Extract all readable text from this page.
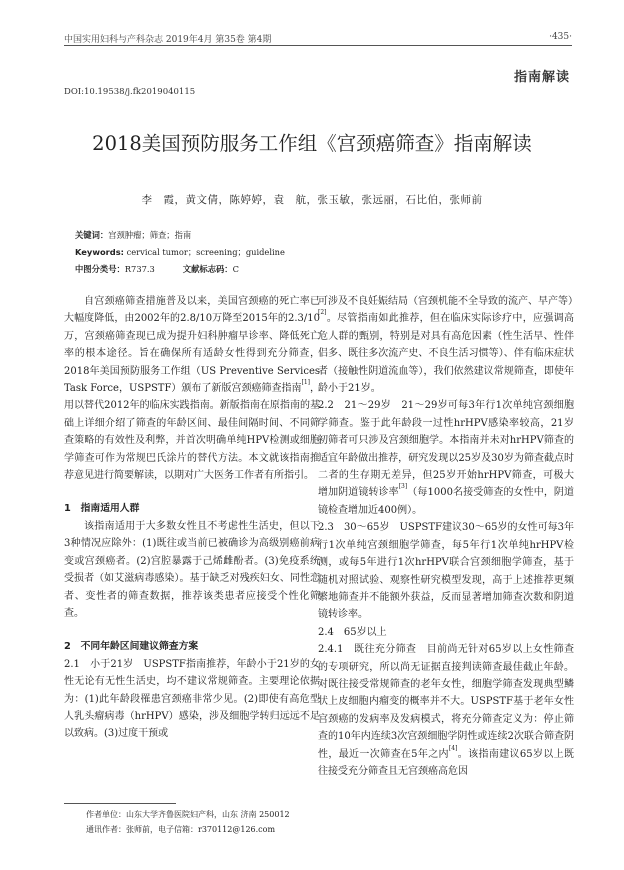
中国实用妇科与产科杂志 2019年4月 第35卷 第4期	·435·
指南解读
DOI:10.19538/j.fk2019040115
2018美国预防服务工作组《宫颈癌筛查》指南解读
李　霞，黄文倩，陈婷婷，袁　航，张玉敏，张远丽，石比伯，张师前
关键词：宫颈肿瘤；筛查；指南
Keywords: cervical tumor；screening；guideline
中图分类号：R737.3	文献标志码：C

自宫颈癌筛查措施普及以来，美国宫颈癌的死亡率已大幅度降低，由2002年的2.8/10万降至2015年的2.3/10万，宫颈癌筛查现已成为提升妇科肿瘤早诊率、降低死亡率的根本途径。旨在确保所有适龄女性得到充分筛查，2018年美国预防服务工作组（US Preventive Services Task Force，USPSTF）颁布了新版宫颈癌筛查指南[1]，用以替代2012年的临床实践指南。新版指南在原指南的基础上详细介绍了筛查的年龄区间、最佳间隔时间、不同筛查策略的有效性及利弊，并首次明确单纯HPV检测或细胞学筛查可作为常规巴氏涂片的替代方法。本文就该指南推荐意见进行简要解读，以期对广大医务工作者有所指引。

1　指南适用人群

该指南适用于大多数女性且不考虑性生活史，但以下3种情况应除外：(1)既往或当前已被确诊为高级别癌前病变或宫颈癌者。(2)宫腔暴露于己烯雌酚者。(3)免疫系统受损者（如艾滋病毒感染）。基于缺乏对残疾妇女、同性恋者、变性者的筛查数据，推荐该类患者应接受个性化筛查。

2　不同年龄区间建议筛查方案

2.1　小于21岁　USPSTF指南推荐，年龄小于21岁的女性无论有无性生活史，均不建议常规筛查。主要理论依据为：(1)此年龄段罹患宫颈癌非常少见。(2)即使有高危型人乳头瘤病毒（hrHPV）感染，涉及细胞学转归远远不足以致病。(3)过度干预或

可涉及不良妊娠结局（宫颈机能不全导致的流产、早产等）[2]。尽管指南如此推荐，但在临床实际诊疗中，应强调高危人群的甄别，特别是对具有高危因素（性生活早、性伴侣多、既往多次流产史、不良生活习惯等）、伴有临床症状者（接触性阴道流血等），我们依然建议常规筛查，即使年龄小于21岁。

2.2　21～29岁　21～29岁可每3年行1次单纯宫颈细胞学筛查。鉴于此年龄段一过性hrHPV感染率较高，21岁初筛者可只涉及宫颈细胞学。本指南并未对hrHPV筛查的适宜年龄做出推荐，研究发现以25岁及30岁为筛查截点时二者的生存期无差异，但25岁开始hrHPV筛查，可极大增加阴道镜转诊率[3]（每1000名接受筛查的女性中，阴道镜检查增加近400例）。

2.3　30～65岁　USPSTF建议30～65岁的女性可每3年行1次单纯宫颈细胞学筛查，每5年行1次单纯hrHPV检测，或每5年进行1次hrHPV联合宫颈细胞学筛查，基于随机对照试验、观察性研究模型发现，高于上述推荐更频繁地筛查并不能额外获益，反而显著增加筛查次数和阴道镜转诊率。

2.4　65岁以上

2.4.1　既往充分筛查　目前尚无针对65岁以上女性筛查的专项研究，所以尚无证据直接判读筛查最佳截止年龄。对既往接受常规筛查的老年女性，细胞学筛查发现典型鳞状上皮细胞内瘤变的概率并不大。USPSTF基于老年女性宫颈癌的发病率及发病模式，将充分筛查定义为：停止筛查的10年内连续3次宫颈细胞学阴性或连续2次联合筛查阴性，最近一次筛查在5年之内[4]。该指南建议65岁以上既往接受充分筛查且无宫颈癌高危因

作者单位：山东大学齐鲁医院妇产科，山东 济南 250012
通讯作者：张师前，电子信箱：r370112@126.com
